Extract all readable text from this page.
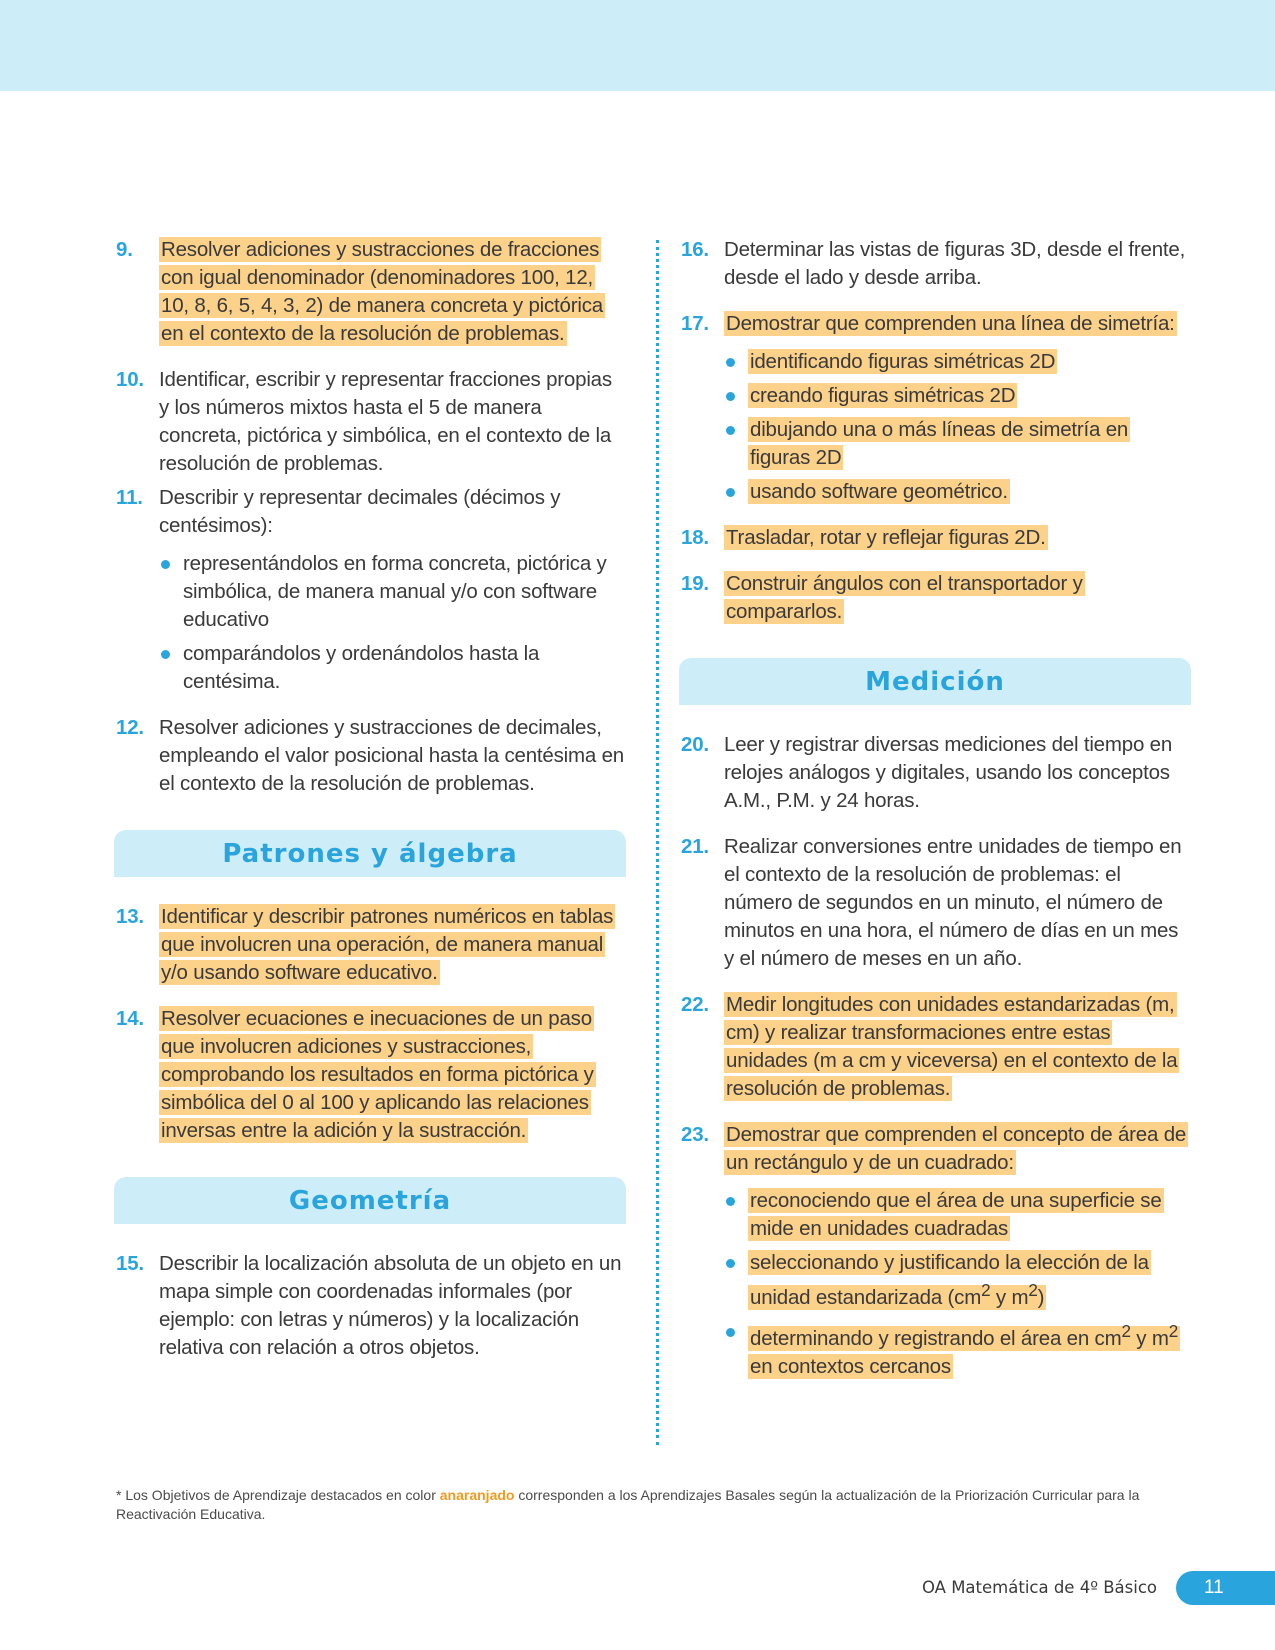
9. Resolver adiciones y sustracciones de fracciones con igual denominador (denominadores 100, 12, 10, 8, 6, 5, 4, 3, 2) de manera concreta y pictórica en el contexto de la resolución de problemas.
10. Identificar, escribir y representar fracciones propias y los números mixtos hasta el 5 de manera concreta, pictórica y simbólica, en el contexto de la resolución de problemas.
11. Describir y representar decimales (décimos y centésimos):
representándolos en forma concreta, pictórica y simbólica, de manera manual y/o con software educativo
comparándolos y ordenándolos hasta la centésima.
12. Resolver adiciones y sustracciones de decimales, empleando el valor posicional hasta la centésima en el contexto de la resolución de problemas.
Patrones y álgebra
13. Identificar y describir patrones numéricos en tablas que involucren una operación, de manera manual y/o usando software educativo.
14. Resolver ecuaciones e inecuaciones de un paso que involucren adiciones y sustracciones, comprobando los resultados en forma pictórica y simbólica del 0 al 100 y aplicando las relaciones inversas entre la adición y la sustracción.
Geometría
15. Describir la localización absoluta de un objeto en un mapa simple con coordenadas informales (por ejemplo: con letras y números) y la localización relativa con relación a otros objetos.
16. Determinar las vistas de figuras 3D, desde el frente, desde el lado y desde arriba.
17. Demostrar que comprenden una línea de simetría:
identificando figuras simétricas 2D
creando figuras simétricas 2D
dibujando una o más líneas de simetría en figuras 2D
usando software geométrico.
18. Trasladar, rotar y reflejar figuras 2D.
19. Construir ángulos con el transportador y compararlos.
Medición
20. Leer y registrar diversas mediciones del tiempo en relojes análogos y digitales, usando los conceptos A.M., P.M. y 24 horas.
21. Realizar conversiones entre unidades de tiempo en el contexto de la resolución de problemas: el número de segundos en un minuto, el número de minutos en una hora, el número de días en un mes y el número de meses en un año.
22. Medir longitudes con unidades estandarizadas (m, cm) y realizar transformaciones entre estas unidades (m a cm y viceversa) en el contexto de la resolución de problemas.
23. Demostrar que comprenden el concepto de área de un rectángulo y de un cuadrado:
reconociendo que el área de una superficie se mide en unidades cuadradas
seleccionando y justificando la elección de la unidad estandarizada ($cm^2$ y $m^2$)
determinando y registrando el área en $cm^2$ y $m^2$ en contextos cercanos
* Los Objetivos de Aprendizaje destacados en color anaranjado corresponden a los Aprendizajes Basales según la actualización de la Priorización Curricular para la Reactivación Educativa.
OA Matemática de 4º Básico	11
